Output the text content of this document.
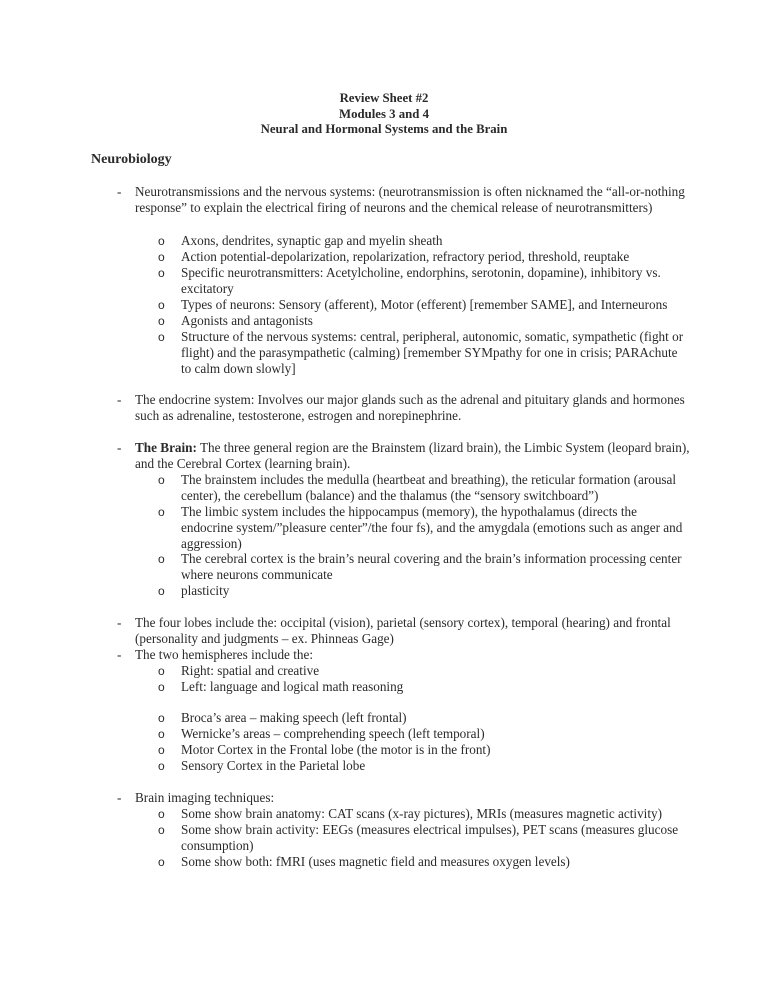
Review Sheet #2
Modules 3 and 4
Neural and Hormonal Systems and the Brain
Neurobiology
-	Neurotransmissions and the nervous systems: (neurotransmission is often nicknamed the “all-or-nothing response” to explain the electrical firing of neurons and the chemical release of neurotransmitters)
o	Axons, dendrites, synaptic gap and myelin sheath
o	Action potential-depolarization, repolarization, refractory period, threshold, reuptake
o	Specific neurotransmitters: Acetylcholine, endorphins, serotonin, dopamine), inhibitory vs. excitatory
o	Types of neurons: Sensory (afferent), Motor (efferent) [remember SAME], and Interneurons
o	Agonists and antagonists
o	Structure of the nervous systems: central, peripheral, autonomic, somatic, sympathetic (fight or flight) and the parasympathetic (calming) [remember SYMpathy for one in crisis; PARAchute to calm down slowly]
-	The endocrine system: Involves our major glands such as the adrenal and pituitary glands and hormones such as adrenaline, testosterone, estrogen and norepinephrine.
-	The Brain: The three general region are the Brainstem (lizard brain), the Limbic System (leopard brain), and the Cerebral Cortex (learning brain).
o	The brainstem includes the medulla (heartbeat and breathing), the reticular formation (arousal center), the cerebellum (balance) and the thalamus (the “sensory switchboard”)
o	The limbic system includes the hippocampus (memory), the hypothalamus (directs the endocrine system/”pleasure center”/the four fs), and the amygdala (emotions such as anger and aggression)
o	The cerebral cortex is the brain’s neural covering and the brain’s information processing center where neurons communicate
o	plasticity
-	The four lobes include the: occipital (vision), parietal (sensory cortex), temporal (hearing) and frontal (personality and judgments – ex. Phinneas Gage)
-	The two hemispheres include the:
o	Right: spatial and creative
o	Left: language and logical math reasoning
o	Broca’s area – making speech (left frontal)
o	Wernicke’s areas – comprehending speech (left temporal)
o	Motor Cortex in the Frontal lobe (the motor is in the front)
o	Sensory Cortex in the Parietal lobe
-	Brain imaging techniques:
o	Some show brain anatomy: CAT scans (x-ray pictures), MRIs (measures magnetic activity)
o	Some show brain activity: EEGs (measures electrical impulses), PET scans (measures glucose consumption)
o	Some show both: fMRI (uses magnetic field and measures oxygen levels)
